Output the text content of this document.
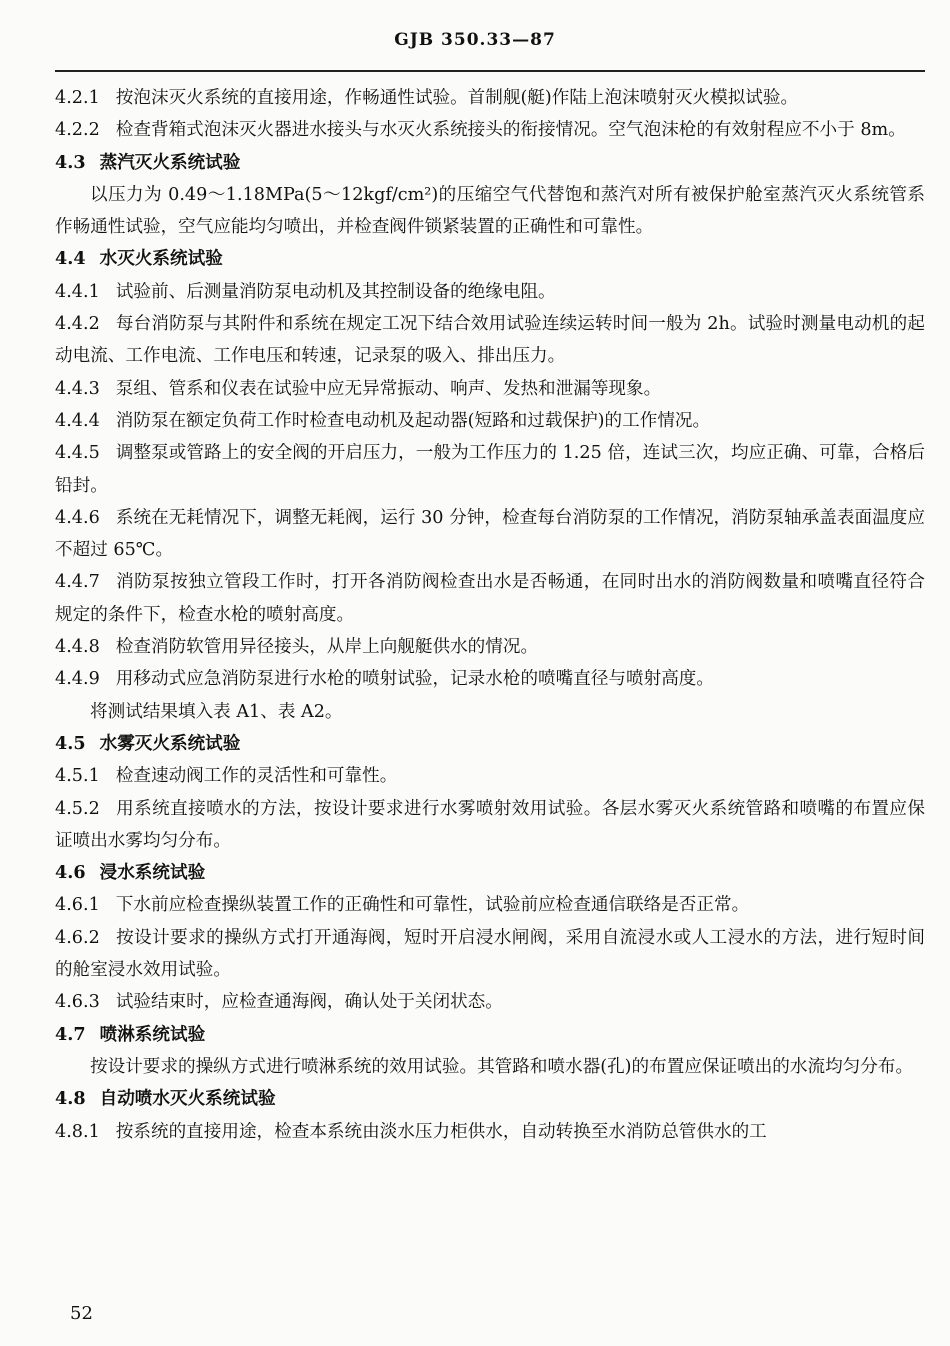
GJB 350.33—87

4.2.1 按泡沫灭火系统的直接用途，作畅通性试验。首制舰(艇)作陆上泡沫喷射灭火模拟试验。

4.2.2 检查背箱式泡沫灭火器进水接头与水灭火系统接头的衔接情况。空气泡沫枪的有效射程应不小于 8m。

4.3 蒸汽灭火系统试验

以压力为 0.49～1.18MPa(5～12kgf/cm²)的压缩空气代替饱和蒸汽对所有被保护舱室蒸汽灭火系统管系作畅通性试验，空气应能均匀喷出，并检查阀件锁紧装置的正确性和可靠性。

4.4 水灭火系统试验

4.4.1 试验前、后测量消防泵电动机及其控制设备的绝缘电阻。

4.4.2 每台消防泵与其附件和系统在规定工况下结合效用试验连续运转时间一般为 2h。试验时测量电动机的起动电流、工作电流、工作电压和转速，记录泵的吸入、排出压力。

4.4.3 泵组、管系和仪表在试验中应无异常振动、响声、发热和泄漏等现象。

4.4.4 消防泵在额定负荷工作时检查电动机及起动器(短路和过载保护)的工作情况。

4.4.5 调整泵或管路上的安全阀的开启压力，一般为工作压力的 1.25 倍，连试三次，均应正确、可靠，合格后铅封。

4.4.6 系统在无耗情况下，调整无耗阀，运行 30 分钟，检查每台消防泵的工作情况，消防泵轴承盖表面温度应不超过 65℃。

4.4.7 消防泵按独立管段工作时，打开各消防阀检查出水是否畅通，在同时出水的消防阀数量和喷嘴直径符合规定的条件下，检查水枪的喷射高度。

4.4.8 检查消防软管用异径接头，从岸上向舰艇供水的情况。

4.4.9 用移动式应急消防泵进行水枪的喷射试验，记录水枪的喷嘴直径与喷射高度。

将测试结果填入表 A1、表 A2。

4.5 水雾灭火系统试验

4.5.1 检查速动阀工作的灵活性和可靠性。

4.5.2 用系统直接喷水的方法，按设计要求进行水雾喷射效用试验。各层水雾灭火系统管路和喷嘴的布置应保证喷出水雾均匀分布。

4.6 浸水系统试验

4.6.1 下水前应检查操纵装置工作的正确性和可靠性，试验前应检查通信联络是否正常。

4.6.2 按设计要求的操纵方式打开通海阀，短时开启浸水闸阀，采用自流浸水或人工浸水的方法，进行短时间的舱室浸水效用试验。

4.6.3 试验结束时，应检查通海阀，确认处于关闭状态。

4.7 喷淋系统试验

按设计要求的操纵方式进行喷淋系统的效用试验。其管路和喷水器(孔)的布置应保证喷出的水流均匀分布。

4.8 自动喷水灭火系统试验

4.8.1 按系统的直接用途，检查本系统由淡水压力柜供水，自动转换至水消防总管供水的工

52
